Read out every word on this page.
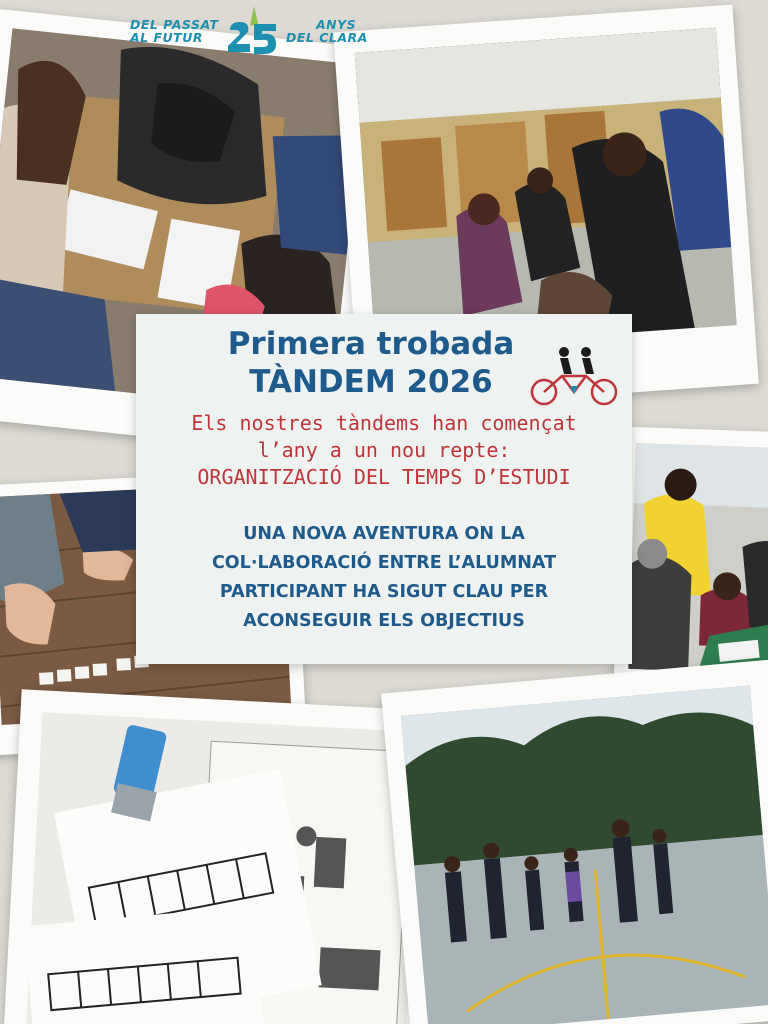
DEL PASSAT
AL FUTUR
ANYS
DEL CLARA
Primera trobada
TÀNDEM 2026
Els nostres tàndems han començat
l’any a un nou repte:
ORGANITZACIÓ DEL TEMPS D’ESTUDI
UNA NOVA AVENTURA ON LA
COL·LABORACIÓ ENTRE L’ALUMNAT
PARTICIPANT HA SIGUT CLAU PER
ACONSEGUIR ELS OBJECTIUS
